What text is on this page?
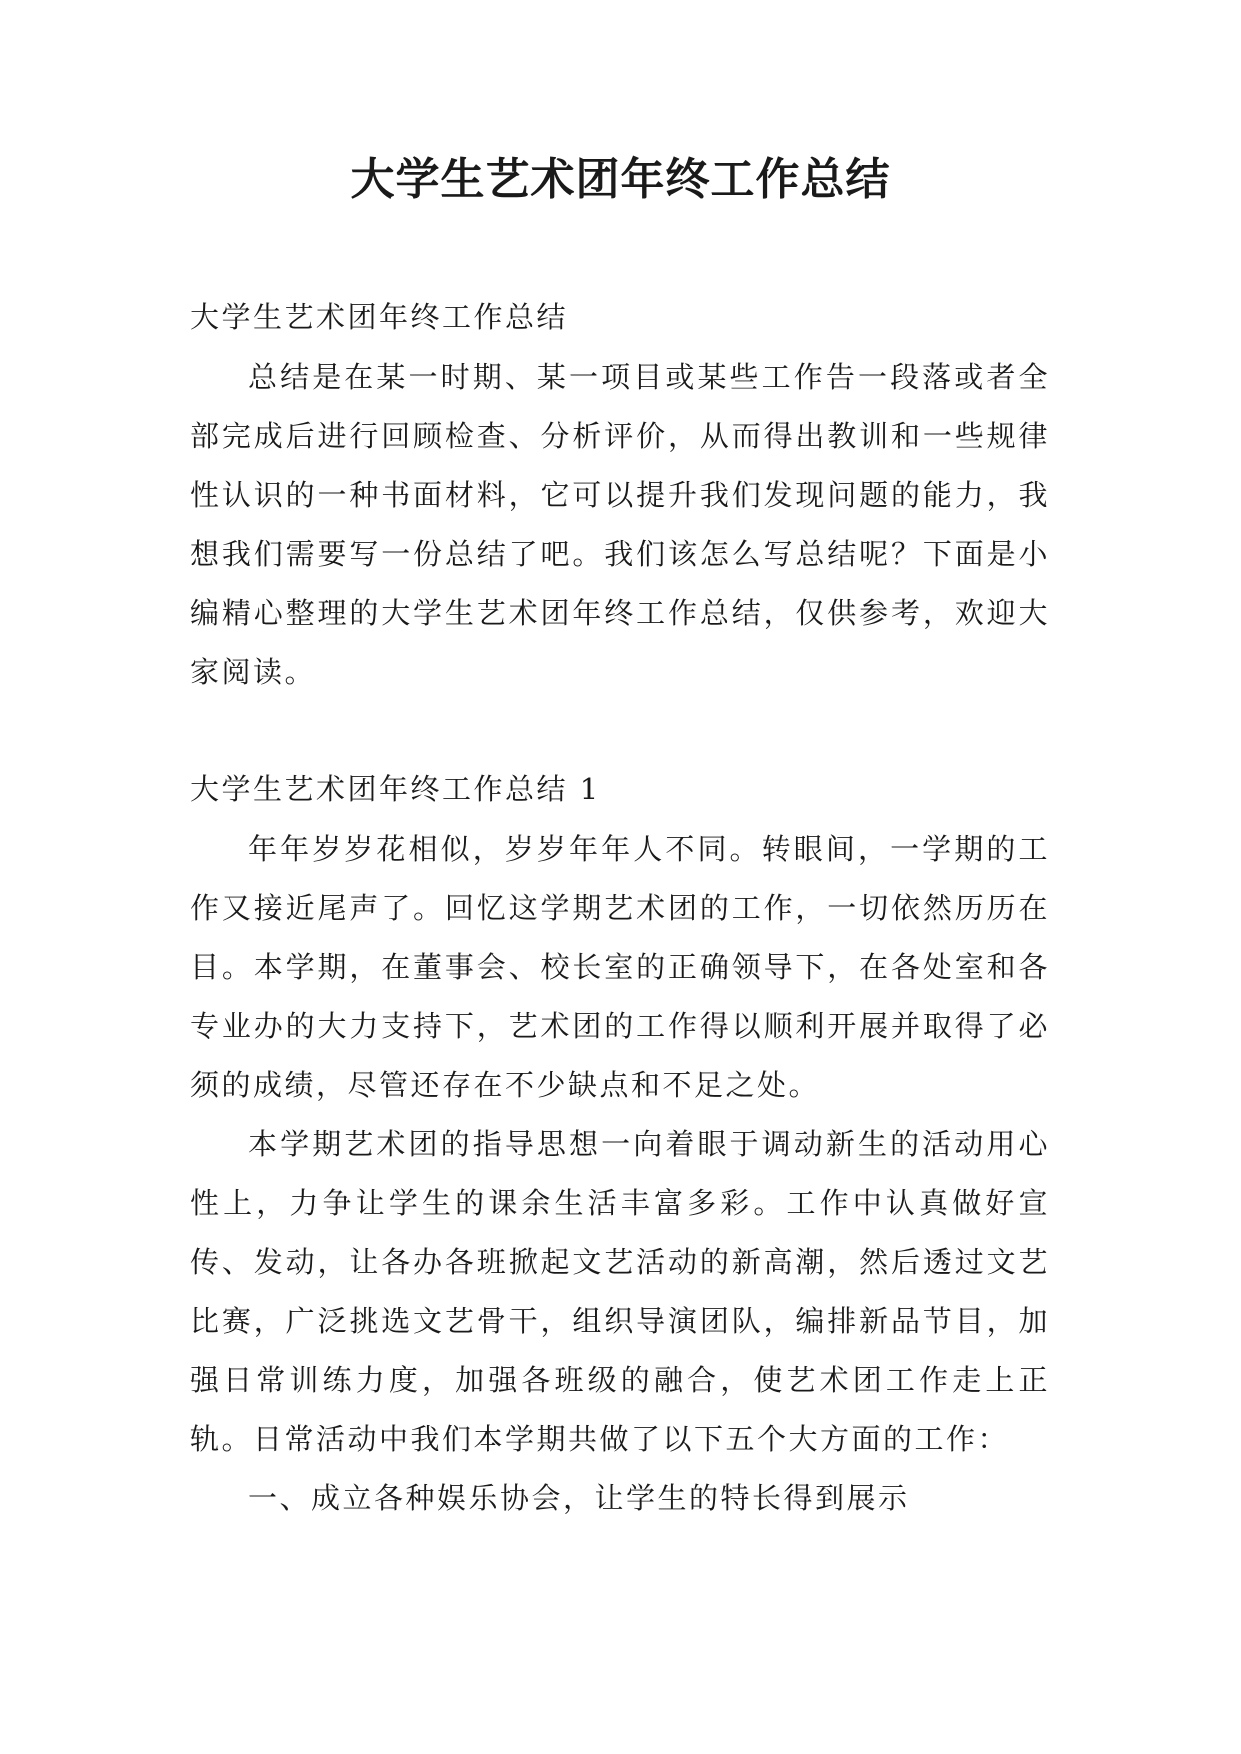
大学生艺术团年终工作总结

大学生艺术团年终工作总结

总结是在某一时期、某一项目或某些工作告一段落或者全部完成后进行回顾检查、分析评价，从而得出教训和一些规律性认识的一种书面材料，它可以提升我们发现问题的能力，我想我们需要写一份总结了吧。我们该怎么写总结呢？下面是小编精心整理的大学生艺术团年终工作总结，仅供参考，欢迎大家阅读。

大学生艺术团年终工作总结 1

年年岁岁花相似，岁岁年年人不同。转眼间，一学期的工作又接近尾声了。回忆这学期艺术团的工作，一切依然历历在目。本学期，在董事会、校长室的正确领导下，在各处室和各专业办的大力支持下，艺术团的工作得以顺利开展并取得了必须的成绩，尽管还存在不少缺点和不足之处。

本学期艺术团的指导思想一向着眼于调动新生的活动用心性上，力争让学生的课余生活丰富多彩。工作中认真做好宣传、发动，让各办各班掀起文艺活动的新高潮，然后透过文艺比赛，广泛挑选文艺骨干，组织导演团队，编排新品节目，加强日常训练力度，加强各班级的融合，使艺术团工作走上正轨。日常活动中我们本学期共做了以下五个大方面的工作：

一、成立各种娱乐协会，让学生的特长得到展示
